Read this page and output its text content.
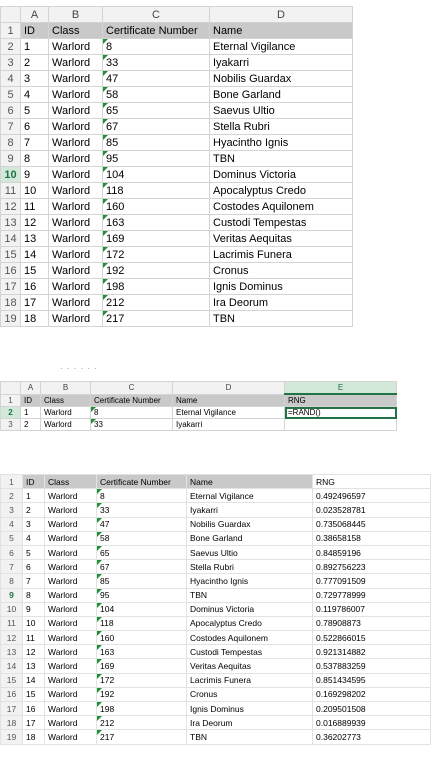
	A	B	C	D
1	ID	Class	Certificate Number	Name
2	1	Warlord	8	Eternal Vigilance
3	2	Warlord	33	Iyakarri
4	3	Warlord	47	Nobilis Guardax
5	4	Warlord	58	Bone Garland
6	5	Warlord	65	Saevus Ultio
7	6	Warlord	67	Stella Rubri
8	7	Warlord	85	Hyacintho Ignis
9	8	Warlord	95	TBN
10	9	Warlord	104	Dominus Victoria
11	10	Warlord	118	Apocalyptus Credo
12	11	Warlord	160	Costodes Aquilonem
13	12	Warlord	163	Custodi Tempestas
14	13	Warlord	169	Veritas Aequitas
15	14	Warlord	172	Lacrimis Funera
16	15	Warlord	192	Cronus
17	16	Warlord	198	Ignis Dominus
18	17	Warlord	212	Ira Deorum
19	18	Warlord	217	TBN
· · · · · ·
	A	B	C	D	E
1	ID	Class	Certificate Number	Name	RNG
2	1	Warlord	8	Eternal Vigilance	=RAND()
3	2	Warlord	33	Iyakarri	
1	ID	Class	Certificate Number	Name	RNG
2	1	Warlord	8	Eternal Vigilance	0.492496597
3	2	Warlord	33	Iyakarri	0.023528781
4	3	Warlord	47	Nobilis Guardax	0.735068445
5	4	Warlord	58	Bone Garland	0.38658158
6	5	Warlord	65	Saevus Ultio	0.84859196
7	6	Warlord	67	Stella Rubri	0.892756223
8	7	Warlord	85	Hyacintho Ignis	0.777091509
9	8	Warlord	95	TBN	0.729778999
10	9	Warlord	104	Dominus Victoria	0.119786007
11	10	Warlord	118	Apocalyptus Credo	0.78908873
12	11	Warlord	160	Costodes Aquilonem	0.522866015
13	12	Warlord	163	Custodi Tempestas	0.921314882
14	13	Warlord	169	Veritas Aequitas	0.537883259
15	14	Warlord	172	Lacrimis Funera	0.851434595
16	15	Warlord	192	Cronus	0.169298202
17	16	Warlord	198	Ignis Dominus	0.209501508
18	17	Warlord	212	Ira Deorum	0.016889939
19	18	Warlord	217	TBN	0.36202773
